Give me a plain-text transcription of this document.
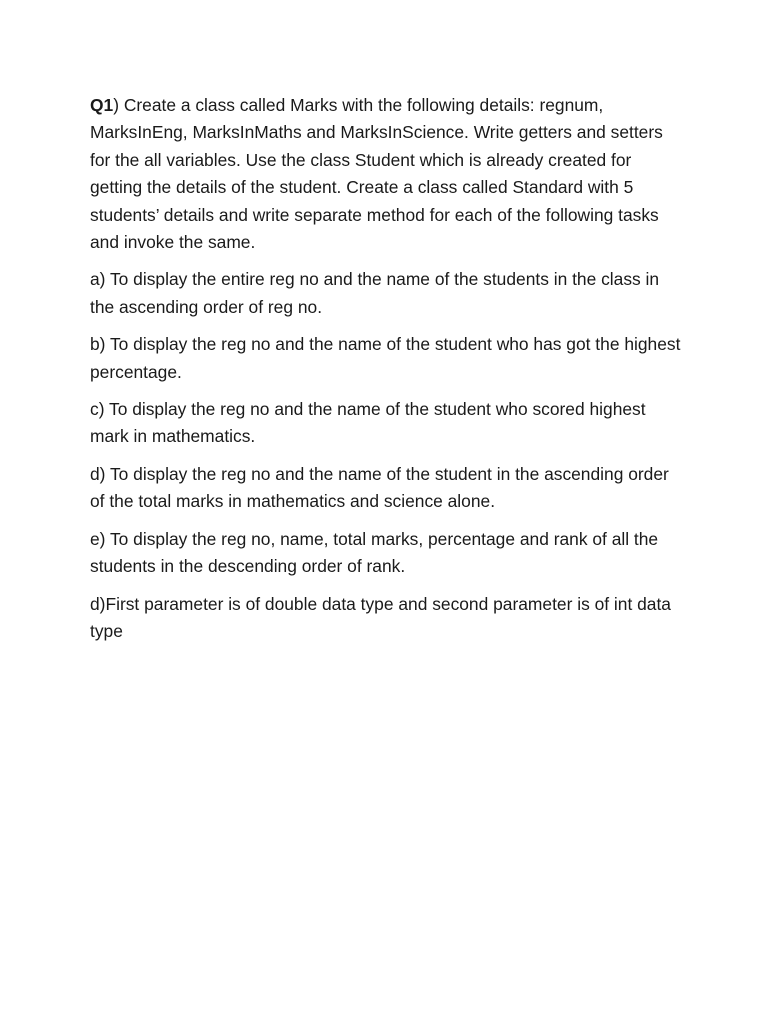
Q1) Create a class called Marks with the following details: regnum, MarksInEng, MarksInMaths and MarksInScience. Write getters and setters for the all variables. Use the class Student which is already created for getting the details of the student. Create a class called Standard with 5 students’ details and write separate method for each of the following tasks and invoke the same.

a) To display the entire reg no and the name of the students in the class in the ascending order of reg no.

b) To display the reg no and the name of the student who has got the highest percentage.

c) To display the reg no and the name of the student who scored highest mark in mathematics.

d) To display the reg no and the name of the student in the ascending order of the total marks in mathematics and science alone.

e) To display the reg no, name, total marks, percentage and rank of all the students in the descending order of rank.

d)First parameter is of double data type and second parameter is of int data type
